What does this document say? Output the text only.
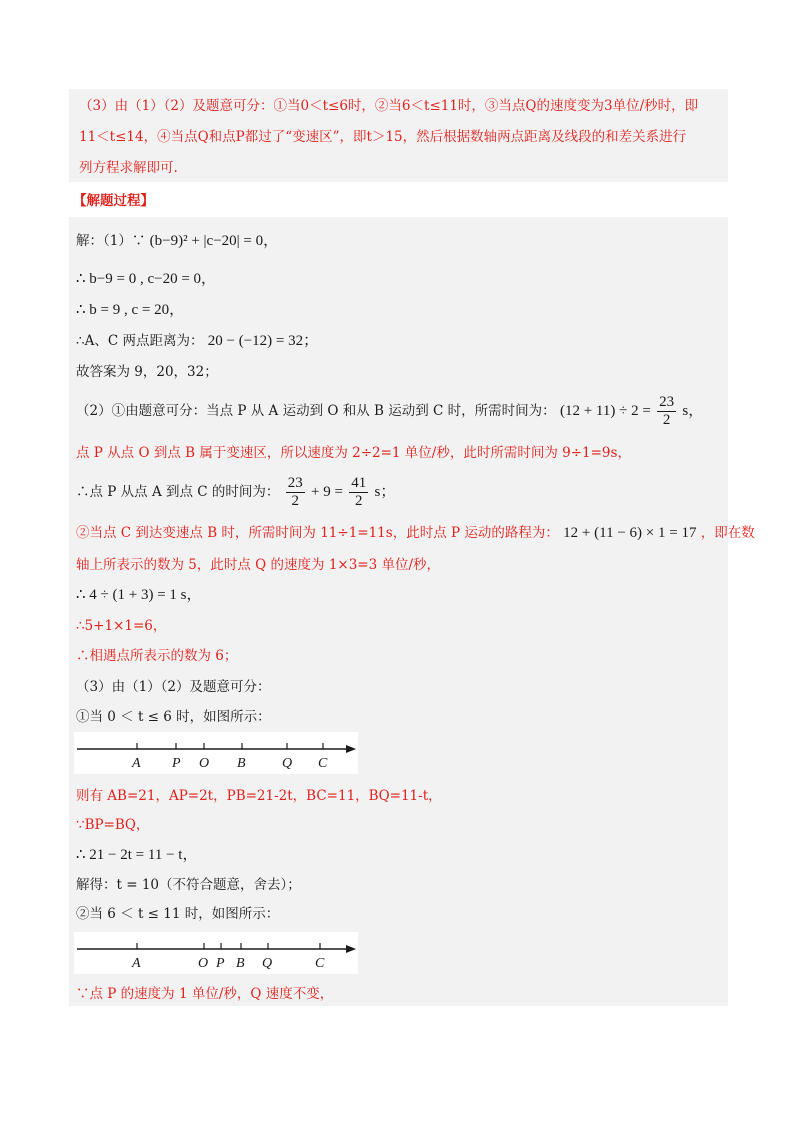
（3）由（1）（2）及题意可分：①当0＜t≤6时，②当6＜t≤11时，③当点Q的速度变为3单位/秒时，即
11＜t≤14，④当点Q和点P都过了“变速区”，即t＞15，然后根据数轴两点距离及线段的和差关系进行
列方程求解即可.
【解题过程】
解：（1）∵ (b−9)² + |c−20| = 0，
∴ b−9 = 0 , c−20 = 0，
∴ b = 9 , c = 20，
∴A、C 两点距离为： 20 − (−12) = 32；
故答案为 9，20，32；
（2）①由题意可分：当点 P 从 A 运动到 O 和从 B 运动到 C 时，所需时间为： $(12 + 11) \div 2 = \frac{23}{2}$ s，
点 P 从点 O 到点 B 属于变速区，所以速度为 2÷2=1 单位/秒，此时所需时间为 9÷1=9s，
∴点 P 从点 A 到点 C 的时间为： $\frac{23}{2} + 9 = \frac{41}{2}$ s；
②当点 C 到达变速点 B 时，所需时间为 11÷1=11s，此时点 P 运动的路程为： 12 + (11 − 6) × 1 = 17 ，即在数
轴上所表示的数为 5，此时点 Q 的速度为 1×3=3 单位/秒，
∴ 4 ÷ (1 + 3) = 1 s，
∴5+1×1=6，
∴相遇点所表示的数为 6；
（3）由（1）（2）及题意可分：
①当 0 ＜ t ≤ 6 时，如图所示：
A P O B	Q C
则有 AB=21，AP=2t，PB=21-2t，BC=11，BQ=11-t，
∵BP=BQ，
∴ 21 − 2t = 11 − t，
解得：t = 10（不符合题意，舍去）；
②当 6 ＜ t ≤ 11 时，如图所示：
A	O P B Q	C
∵点 P 的速度为 1 单位/秒，Q 速度不变，
